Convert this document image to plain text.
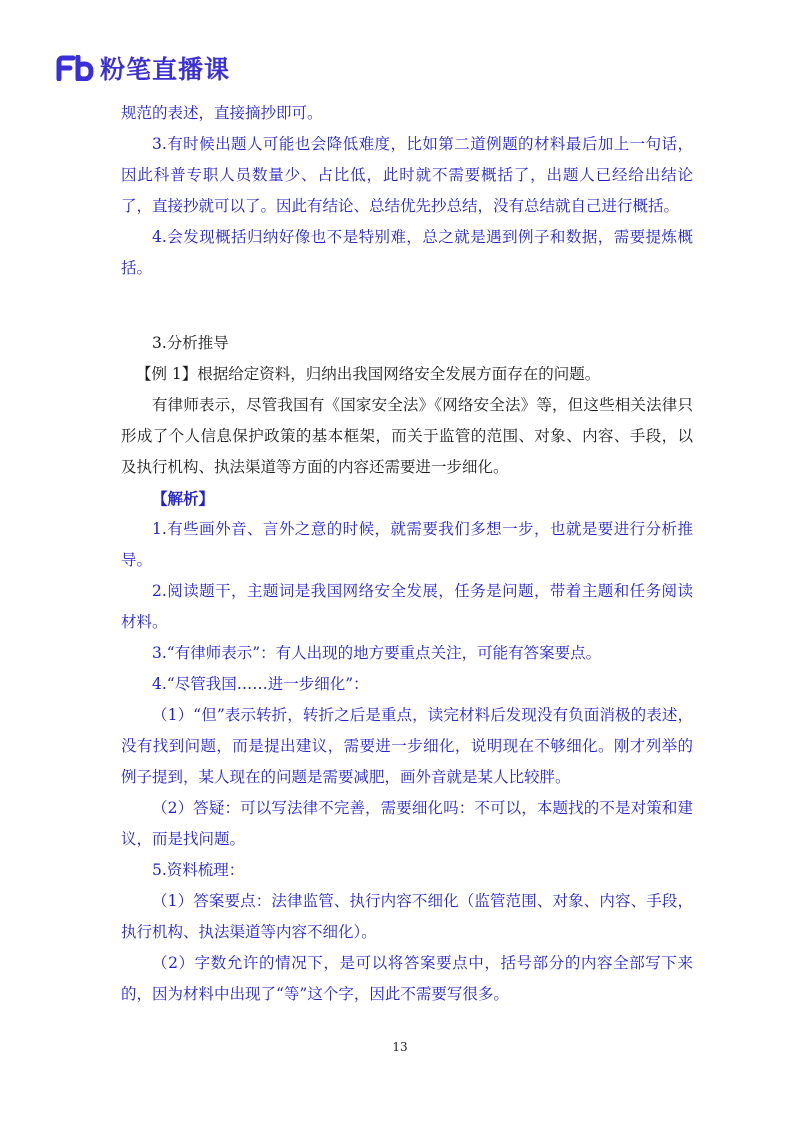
粉笔直播课

规范的表述，直接摘抄即可。

3.有时候出题人可能也会降低难度，比如第二道例题的材料最后加上一句话，因此科普专职人员数量少、占比低，此时就不需要概括了，出题人已经给出结论了，直接抄就可以了。因此有结论、总结优先抄总结，没有总结就自己进行概括。

4.会发现概括归纳好像也不是特别难，总之就是遇到例子和数据，需要提炼概括。

3.分析推导

【例 1】根据给定资料，归纳出我国网络安全发展方面存在的问题。

有律师表示，尽管我国有《国家安全法》《网络安全法》等，但这些相关法律只形成了个人信息保护政策的基本框架，而关于监管的范围、对象、内容、手段，以及执行机构、执法渠道等方面的内容还需要进一步细化。

【解析】

1.有些画外音、言外之意的时候，就需要我们多想一步，也就是要进行分析推导。

2.阅读题干，主题词是我国网络安全发展，任务是问题，带着主题和任务阅读材料。

3.“有律师表示”：有人出现的地方要重点关注，可能有答案要点。

4.“尽管我国……进一步细化”：

（1）“但”表示转折，转折之后是重点，读完材料后发现没有负面消极的表述，没有找到问题，而是提出建议，需要进一步细化，说明现在不够细化。刚才列举的例子提到，某人现在的问题是需要减肥，画外音就是某人比较胖。

（2）答疑：可以写法律不完善，需要细化吗：不可以，本题找的不是对策和建议，而是找问题。

5.资料梳理：

（1）答案要点：法律监管、执行内容不细化（监管范围、对象、内容、手段，执行机构、执法渠道等内容不细化）。

（2）字数允许的情况下，是可以将答案要点中，括号部分的内容全部写下来的，因为材料中出现了“等”这个字，因此不需要写很多。

13
